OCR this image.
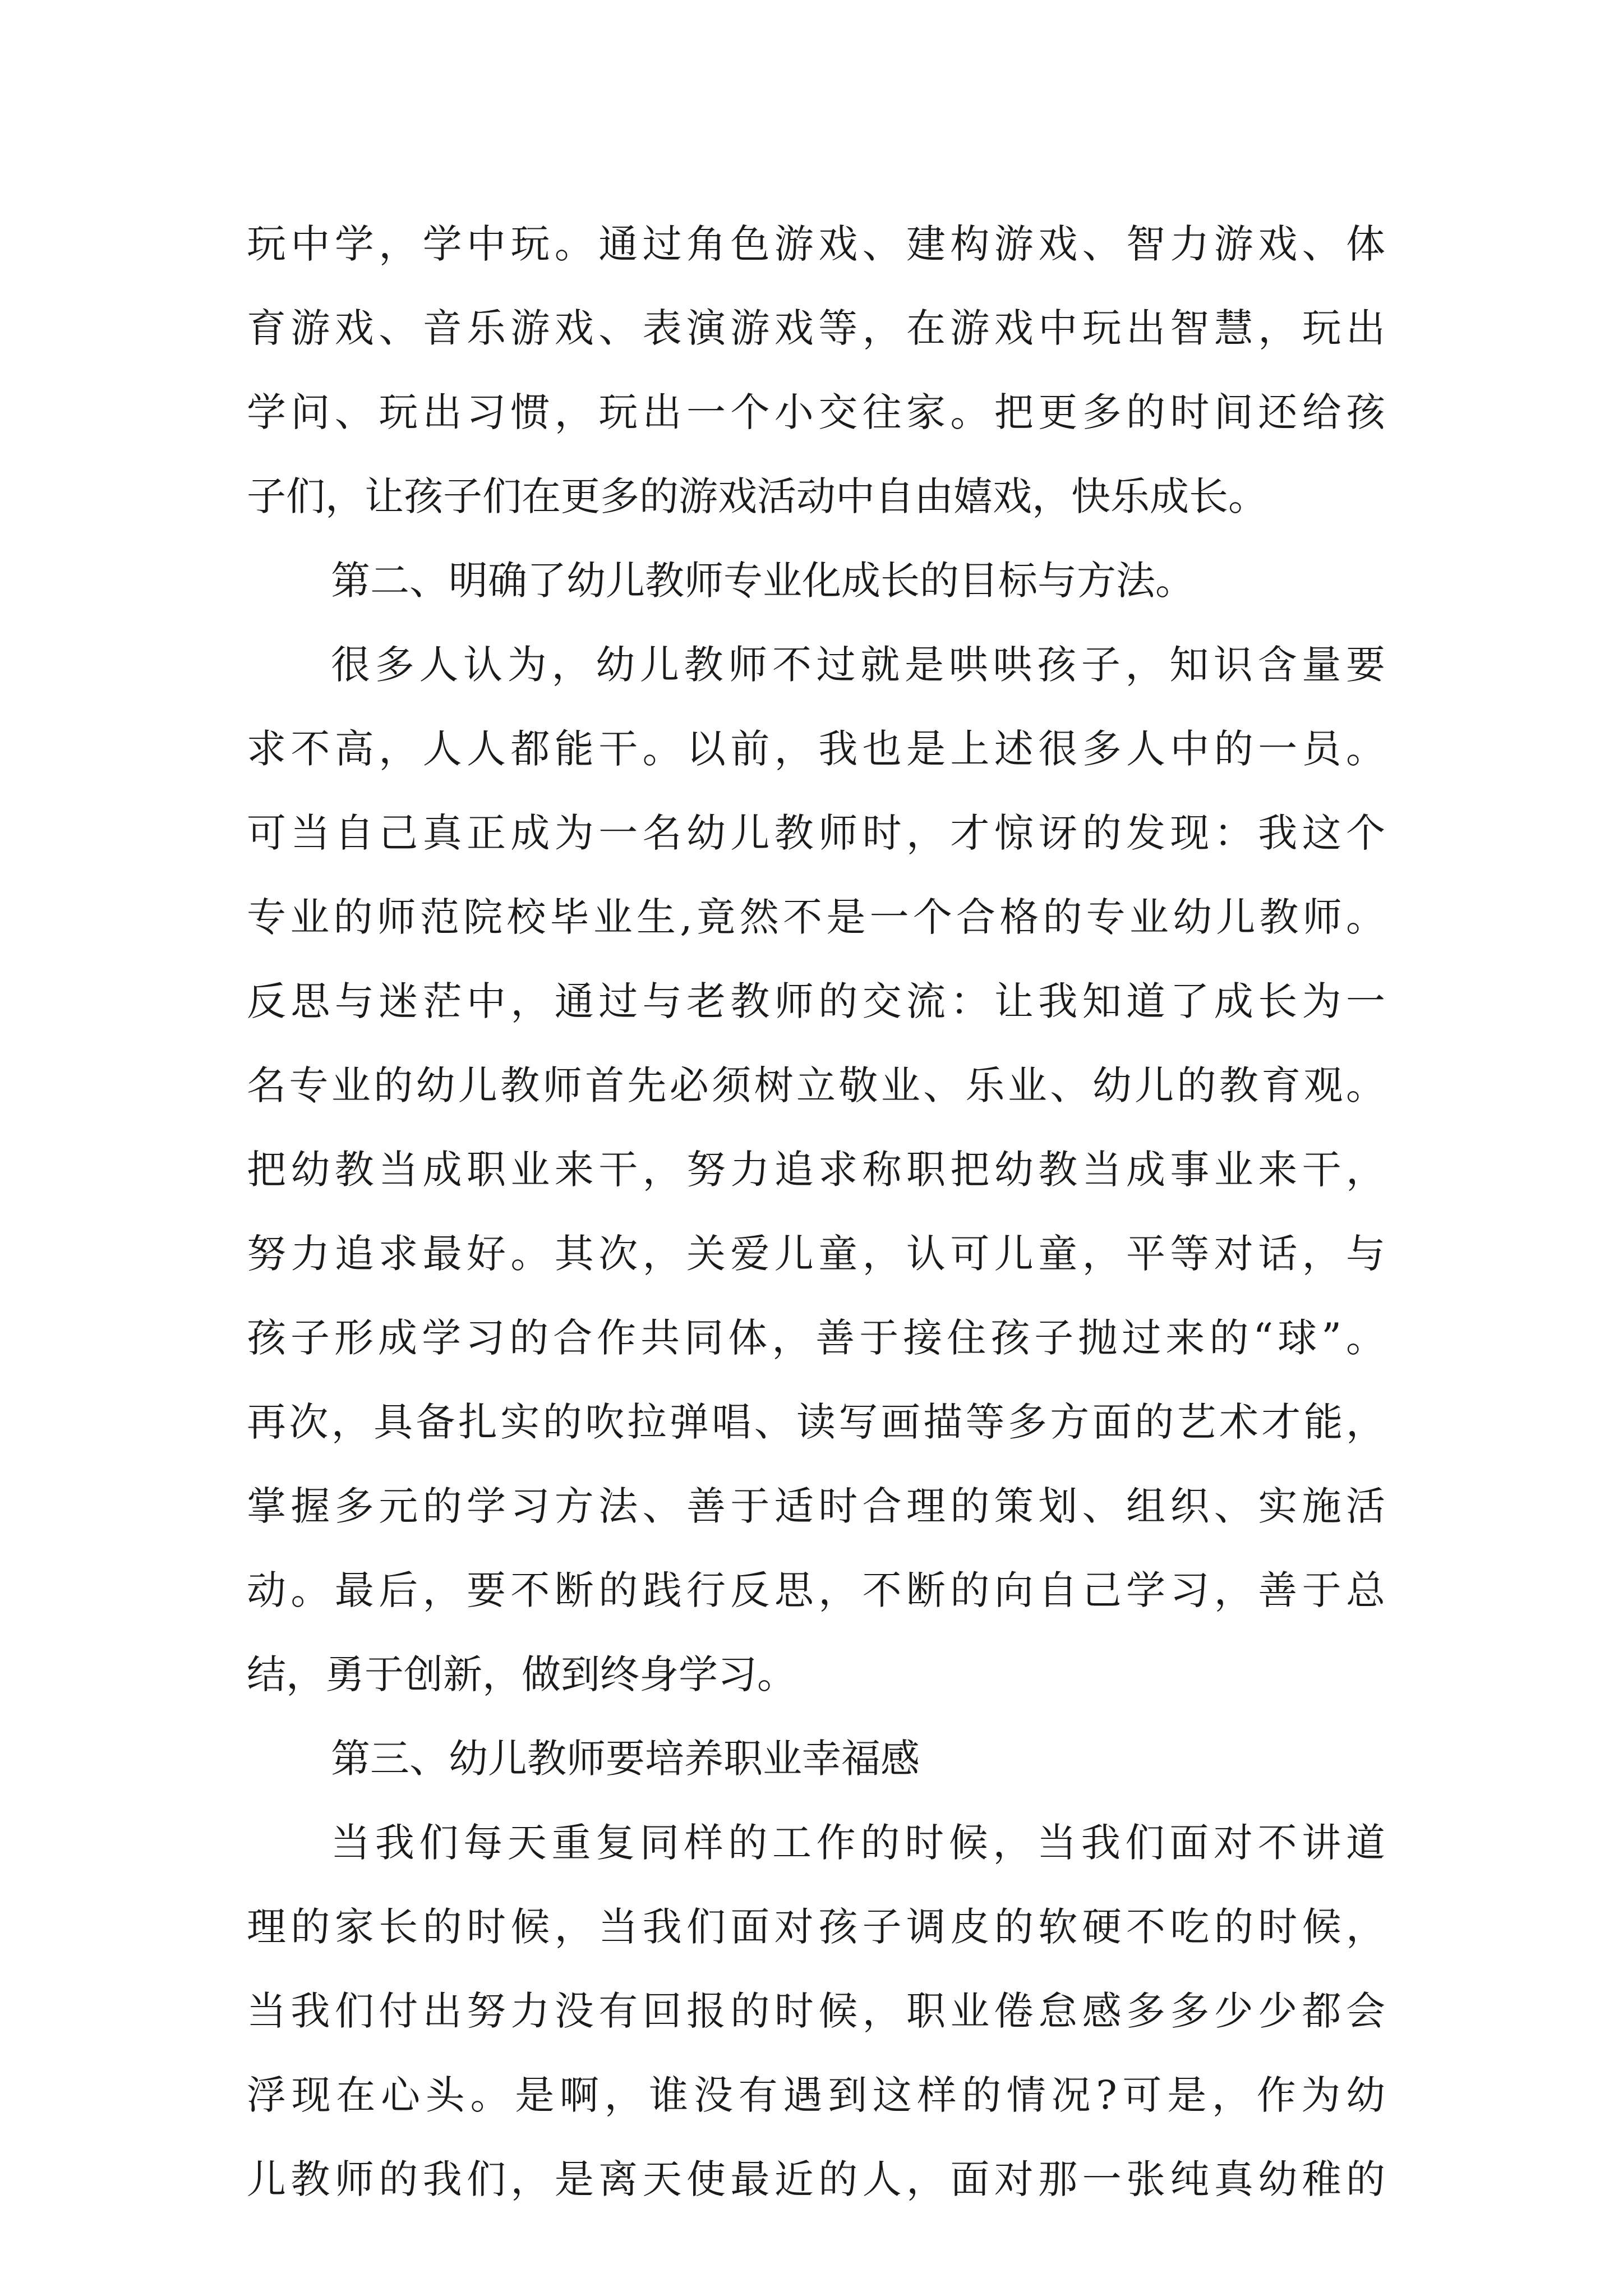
玩中学，学中玩。通过角色游戏、建构游戏、智力游戏、体
育游戏、音乐游戏、表演游戏等，在游戏中玩出智慧，玩出
学问、玩出习惯，玩出一个小交往家。把更多的时间还给孩
子们，让孩子们在更多的游戏活动中自由嬉戏，快乐成长。
第二、明确了幼儿教师专业化成长的目标与方法。
很多人认为，幼儿教师不过就是哄哄孩子，知识含量要
求不高，人人都能干。以前，我也是上述很多人中的一员。
可当自己真正成为一名幼儿教师时，才惊讶的发现：我这个
专业的师范院校毕业生,竟然不是一个合格的专业幼儿教师。
反思与迷茫中，通过与老教师的交流：让我知道了成长为一
名专业的幼儿教师首先必须树立敬业、乐业、幼儿的教育观。
把幼教当成职业来干，努力追求称职把幼教当成事业来干，
努力追求最好。其次，关爱儿童，认可儿童，平等对话，与
孩子形成学习的合作共同体，善于接住孩子抛过来的“球”。
再次，具备扎实的吹拉弹唱、读写画描等多方面的艺术才能，
掌握多元的学习方法、善于适时合理的策划、组织、实施活
动。最后，要不断的践行反思，不断的向自己学习，善于总
结，勇于创新，做到终身学习。
第三、幼儿教师要培养职业幸福感
当我们每天重复同样的工作的时候，当我们面对不讲道
理的家长的时候，当我们面对孩子调皮的软硬不吃的时候，
当我们付出努力没有回报的时候，职业倦怠感多多少少都会
浮现在心头。是啊，谁没有遇到这样的情况?可是，作为幼
儿教师的我们，是离天使最近的人，面对那一张纯真幼稚的
